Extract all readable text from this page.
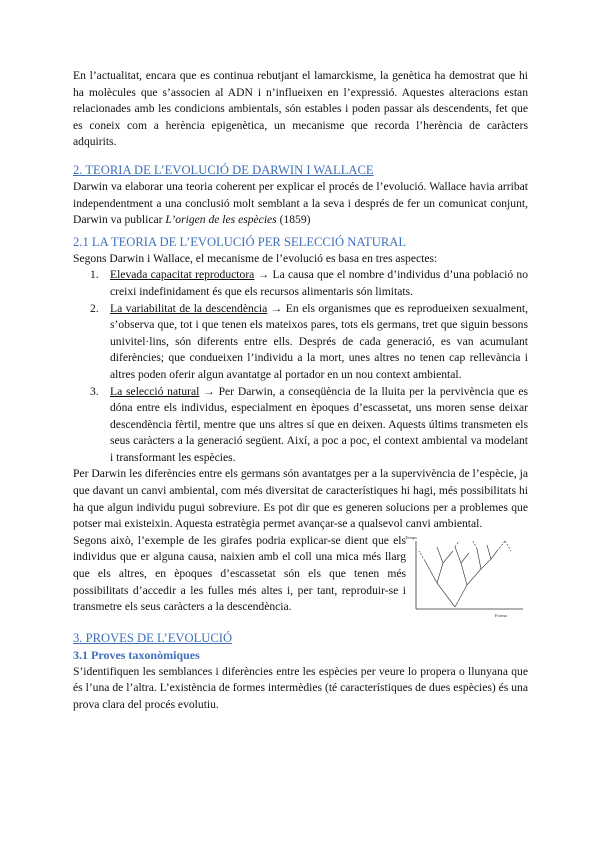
En l’actualitat, encara que es continua rebutjant el lamarckisme, la genètica ha demostrat que hi ha molècules que s’associen al ADN i n’influeixen en l’expressió. Aquestes alteracions estan relacionades amb les condicions ambientals, són estables i poden passar als descendents, fet que es coneix com a herència epigenètica, un mecanisme que recorda l’herència de caràcters adquirits.

2. TEORIA DE L’EVOLUCIÓ DE DARWIN I WALLACE

Darwin va elaborar una teoria coherent per explicar el procés de l’evolució. Wallace havia arribat independentment a una conclusió molt semblant a la seva i després de fer un comunicat conjunt, Darwin va publicar L’origen de les espècies (1859)

2.1 LA TEORIA DE L’EVOLUCIÓ PER SELECCIÓ NATURAL

Segons Darwin i Wallace, el mecanisme de l’evolució es basa en tres aspectes:

1. Elevada capacitat reproductora → La causa que el nombre d’individus d’una població no creixi indefinidament és que els recursos alimentaris són limitats.
2. La variabilitat de la descendència → En els organismes que es reprodueixen sexualment, s’observa que, tot i que tenen els mateixos pares, tots els germans, tret que siguin bessons univitel·lins, són diferents entre ells. Després de cada generació, es van acumulant diferències; que condueixen l’individu a la mort, unes altres no tenen cap rellevància i altres poden oferir algun avantatge al portador en un nou context ambiental.
3. La selecció natural → Per Darwin, a conseqüència de la lluita per la pervivència que es dóna entre els individus, especialment en èpoques d’escassetat, uns moren sense deixar descendència fèrtil, mentre que uns altres sí que en deixen. Aquests últims transmeten els seus caràcters a la generació següent. Així, a poc a poc, el context ambiental va modelant i transformant les espècies.

Per Darwin les diferències entre els germans són avantatges per a la supervivència de l’espècie, ja que davant un canvi ambiental, com més diversitat de característiques hi hagi, més possibilitats hi ha que algun individu pugui sobreviure. Es pot dir que es generen solucions per a problemes que potser mai existeixin. Aquesta estratègia permet avançar-se a qualsevol canvi ambiental.

Segons això, l’exemple de les girafes podria explicar-se dient que els individus que er alguna causa, naixien amb el coll una mica més llarg que els altres, en èpoques d’escassetat són els que tenen més possibilitats d’accedir a les fulles més altes i, per tant, reproduir-se i transmetre els seus caràcters a la descendència.

Temps
Forma
3. PROVES DE L’EVOLUCIÓ
3.1 Proves taxonòmiques

S’identifiquen les semblances i diferències entre les espècies per veure lo propera o llunyana que és l’una de l’altra. L’existència de formes intermèdies (té característiques de dues espècies) és una prova clara del procés evolutiu.
